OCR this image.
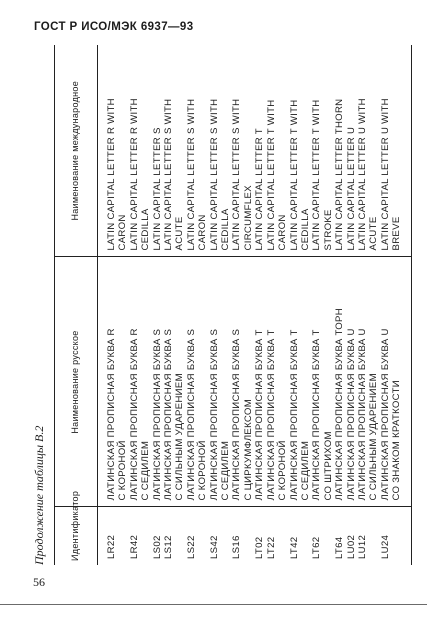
ГОСТ Р ИСО/МЭК 6937—93
Продолжение таблицы В.2	Идентификатор	Наименование русское	Наименование международное
LR22	ЛАТИНСКАЯ ПРОПИСНАЯ БУКВА R
С КОРОНОЙ	LATIN CAPITAL LETTER R WITH
CARON
LR42	ЛАТИНСКАЯ ПРОПИСНАЯ БУКВА R
С СЕДИЛЕМ	LATIN CAPITAL LETTER R WITH
CEDILLA
LS02	ЛАТИНСКАЯ ПРОПИСНАЯ БУКВА S	LATIN CAPITAL LETTER S
LS12	ЛАТИНСКАЯ ПРОПИСНАЯ БУКВА S
С СИЛЬНЫМ УДАРЕНИЕМ	LATIN CAPITAL LETTER S WITH
ACUTE
LS22	ЛАТИНСКАЯ ПРОПИСНАЯ БУКВА S
С КОРОНОЙ	LATIN CAPITAL LETTER S WITH
CARON
LS42	ЛАТИНСКАЯ ПРОПИСНАЯ БУКВА S
С СЕДИЛЕМ	LATIN CAPITAL LETTER S WITH
CEDILLA
LS16	ЛАТИНСКАЯ ПРОПИСНАЯ БУКВА S
С ЦИРКУМФЛЕКСОМ	LATIN CAPITAL LETTER S WITH
CIRCUMFLEX
LT02	ЛАТИНСКАЯ ПРОПИСНАЯ БУКВА T	LATIN CAPITAL LETTER T
LT22	ЛАТИНСКАЯ ПРОПИСНАЯ БУКВА T
С КОРОНОЙ	LATIN CAPITAL LETTER T WITH
CARON
LT42	ЛАТИНСКАЯ ПРОПИСНАЯ БУКВА T
С СЕДИЛЕМ	LATIN CAPITAL LETTER T WITH
CEDILLA
LT62	ЛАТИНСКАЯ ПРОПИСНАЯ БУКВА T
СО ШТРИХОМ	LATIN CAPITAL LETTER T WITH
STROKE
LT64	ЛАТИНСКАЯ ПРОПИСНАЯ БУКВА ТОРН	LATIN CAPITAL LETTER THORN
LU02	ЛАТИНСКАЯ ПРОПИСНАЯ БУКВА U	LATIN CAPITAL LETTER U
LU12	ЛАТИНСКАЯ ПРОПИСНАЯ БУКВА U
С СИЛЬНЫМ УДАРЕНИЕМ	LATIN CAPITAL LETTER U WITH
ACUTE
LU24	ЛАТИНСКАЯ ПРОПИСНАЯ БУКВА U
СО ЗНАКОМ КРАТКОСТИ	LATIN CAPITAL LETTER U WITH
BREVE
56
